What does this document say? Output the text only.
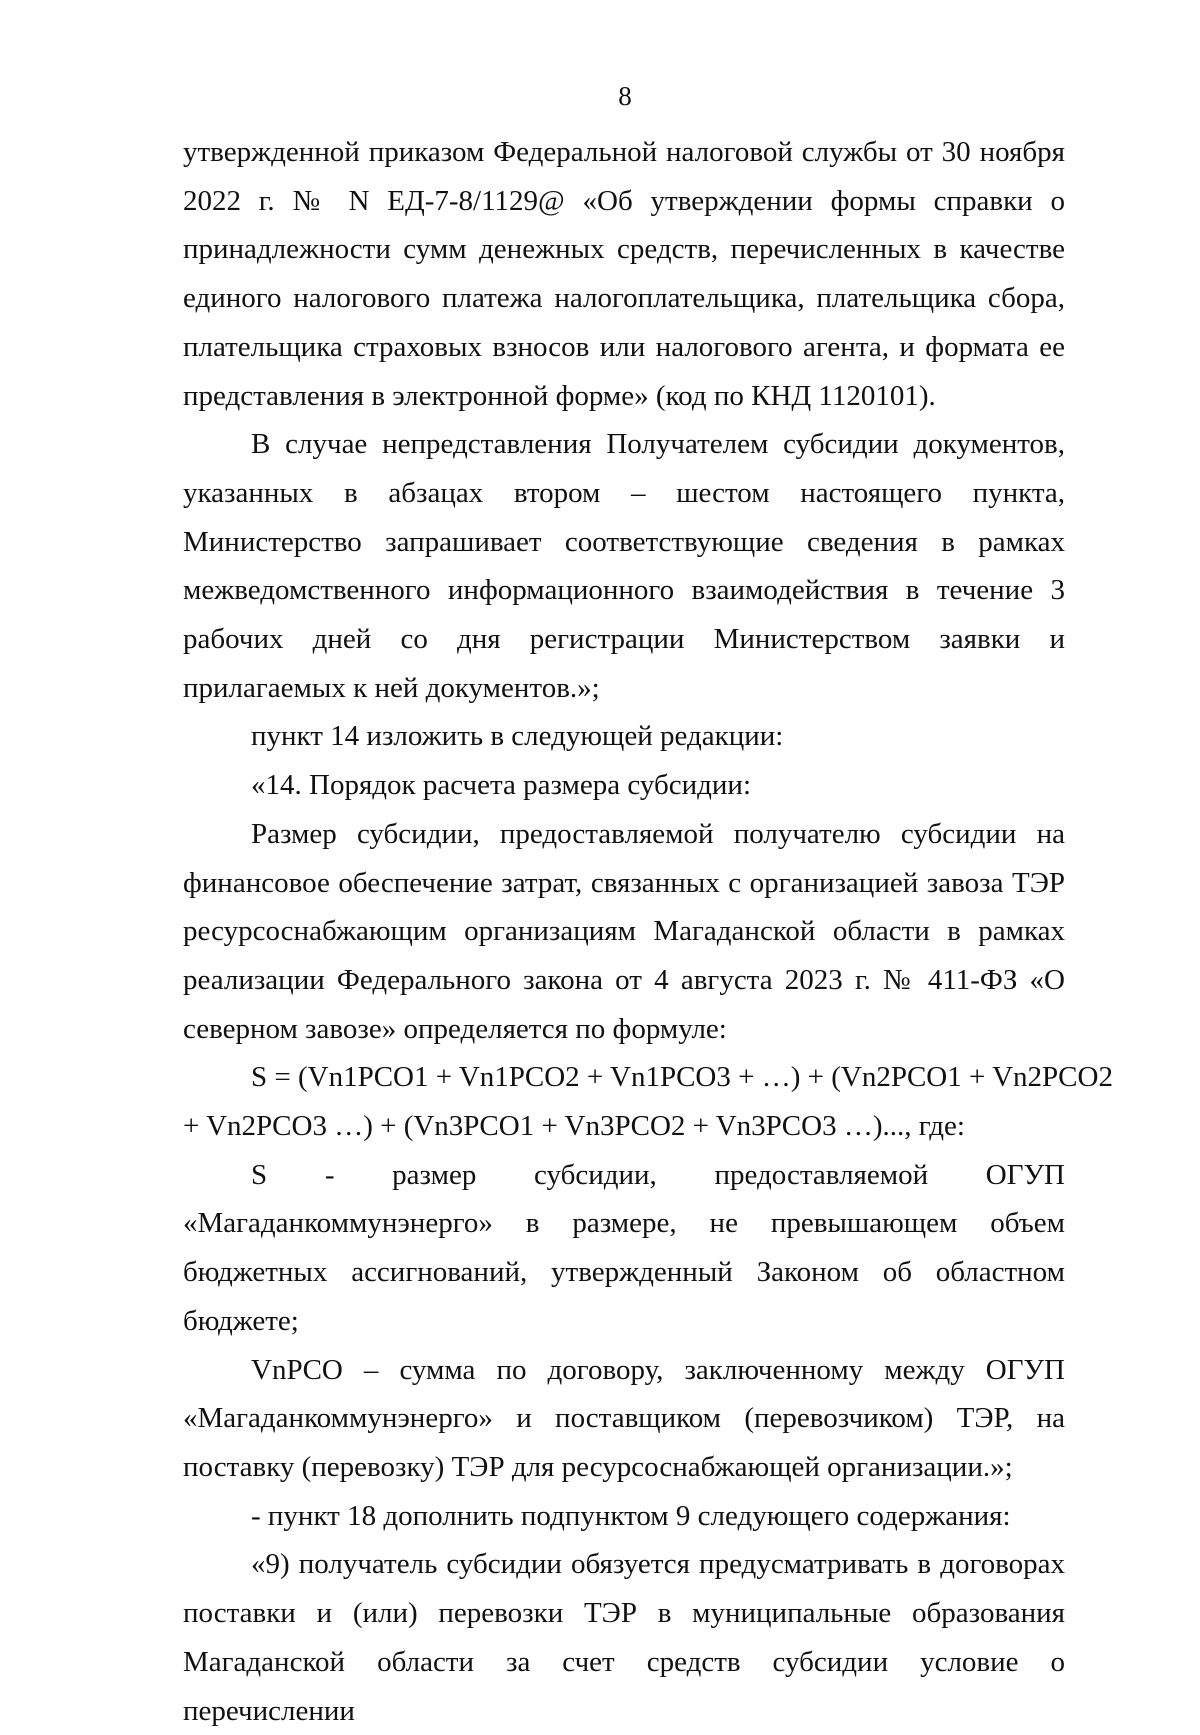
8

утвержденной приказом Федеральной налоговой службы от 30 ноября 2022 г. № N ЕД-7-8/1129@ «Об утверждении формы справки о принадлежности сумм денежных средств, перечисленных в качестве единого налогового платежа налогоплательщика, плательщика сбора, плательщика страховых взносов или налогового агента, и формата ее представления в электронной форме» (код по КНД 1120101).

В случае непредставления Получателем субсидии документов, указанных в абзацах втором – шестом настоящего пункта, Министерство запрашивает соответствующие сведения в рамках межведомственного информационного взаимодействия в течение 3 рабочих дней со дня регистрации Министерством заявки и прилагаемых к ней документов.»;

пункт 14 изложить в следующей редакции:

«14. Порядок расчета размера субсидии:

Размер субсидии, предоставляемой получателю субсидии на финансовое обеспечение затрат, связанных с организацией завоза ТЭР ресурсоснабжающим организациям Магаданской области в рамках реализации Федерального закона от 4 августа 2023 г. № 411-ФЗ «О северном завозе» определяется по формуле:

S = (Vn1PCO1 + Vn1PCO2 + Vn1PCO3 + …) + (Vn2PCO1 + Vn2PCO2
+ Vn2PCO3 …) + (Vn3PCO1 + Vn3PCO2 + Vn3PCO3 …)..., где:

S - размер субсидии, предоставляемой ОГУП «Магаданкоммунэнерго» в размере, не превышающем объем бюджетных ассигнований, утвержденный Законом об областном бюджете;

VnPCO – сумма по договору, заключенному между ОГУП «Магаданкоммунэнерго» и поставщиком (перевозчиком) ТЭР, на поставку (перевозку) ТЭР для ресурсоснабжающей организации.»;

- пункт 18 дополнить подпунктом 9 следующего содержания:

«9) получатель субсидии обязуется предусматривать в договорах поставки и (или) перевозки ТЭР в муниципальные образования Магаданской области за счет средств субсидии условие о перечислении
